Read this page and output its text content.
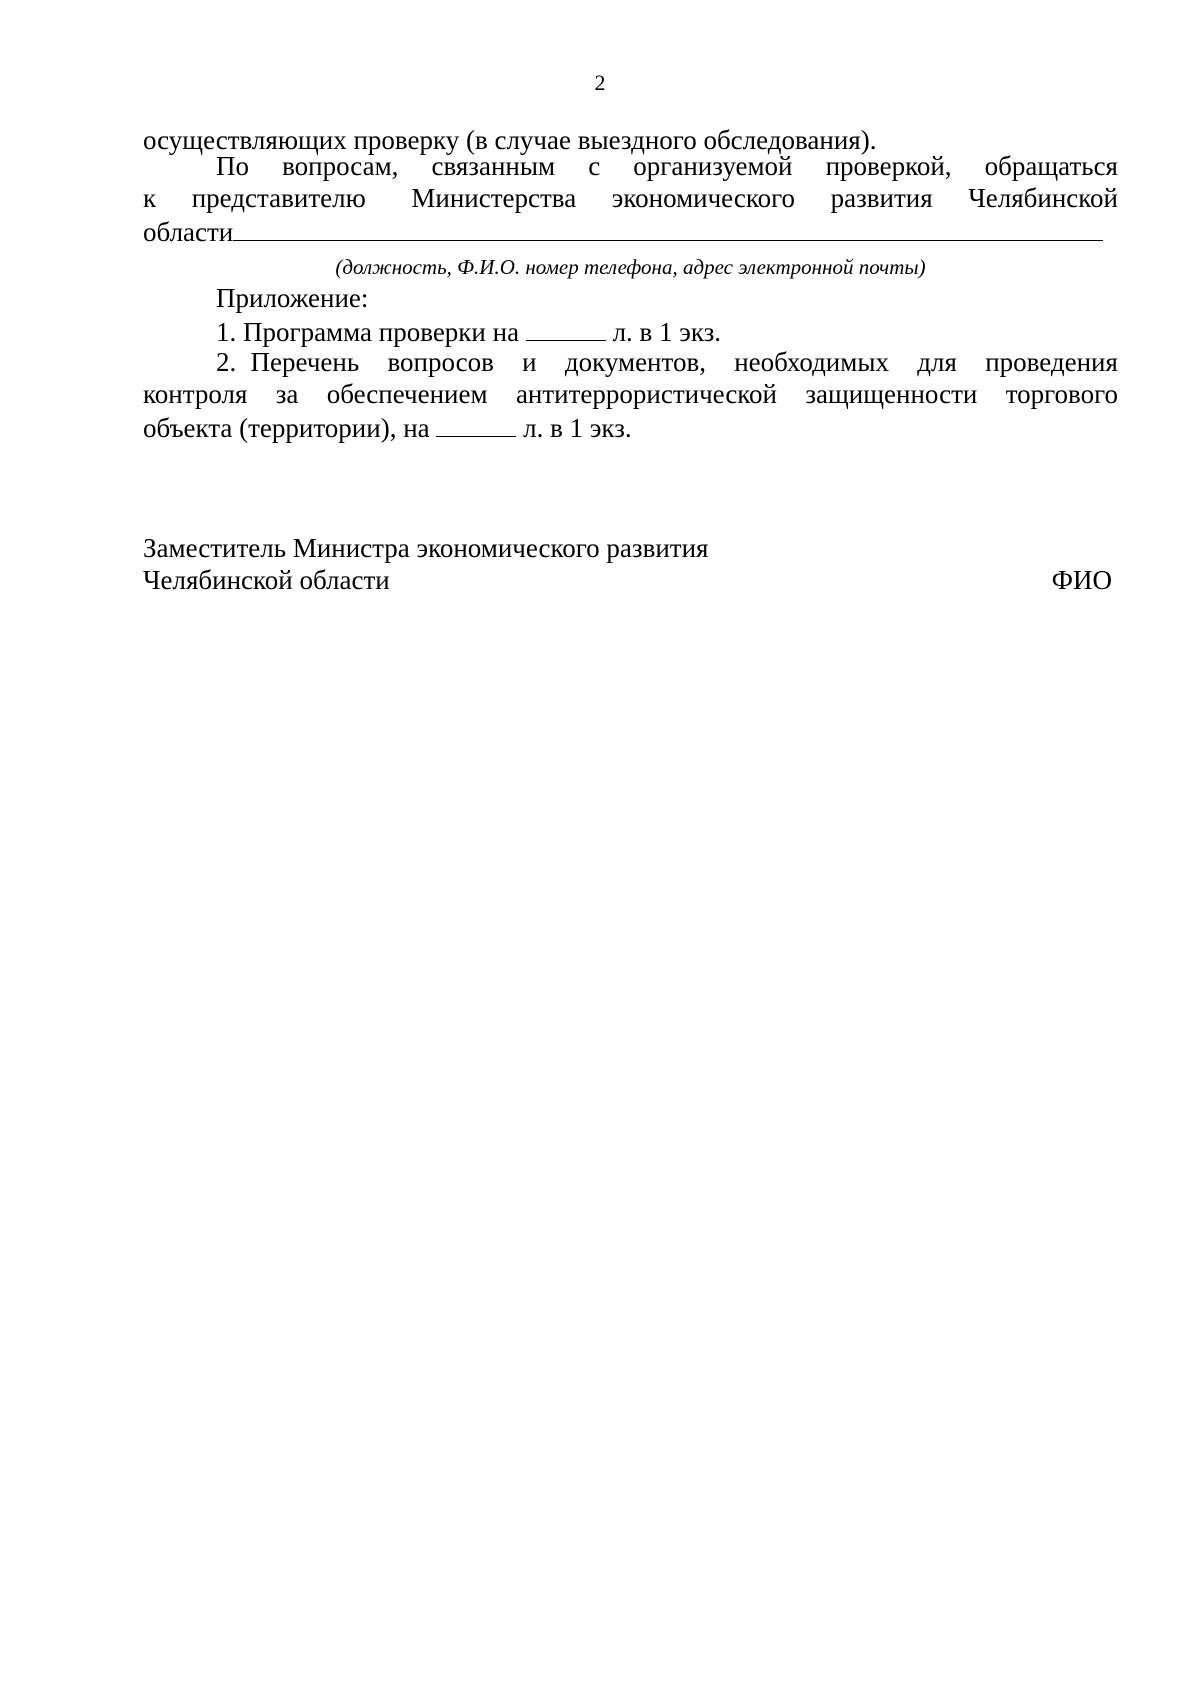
2
осуществляющих проверку (в случае выездного обследования).
По вопросам, связанным с организуемой проверкой, обращаться
к представителю Министерства экономического развития Челябинской
области
(должность, Ф.И.О. номер телефона, адрес электронной почты)
Приложение:
1. Программа проверки на	л. в 1 экз.
2. Перечень вопросов и документов, необходимых для проведения
контроля за обеспечением антитеррористической защищенности торгового
объекта (территории), на	л. в 1 экз.
Заместитель Министра экономического развития
Челябинской области	ФИО
